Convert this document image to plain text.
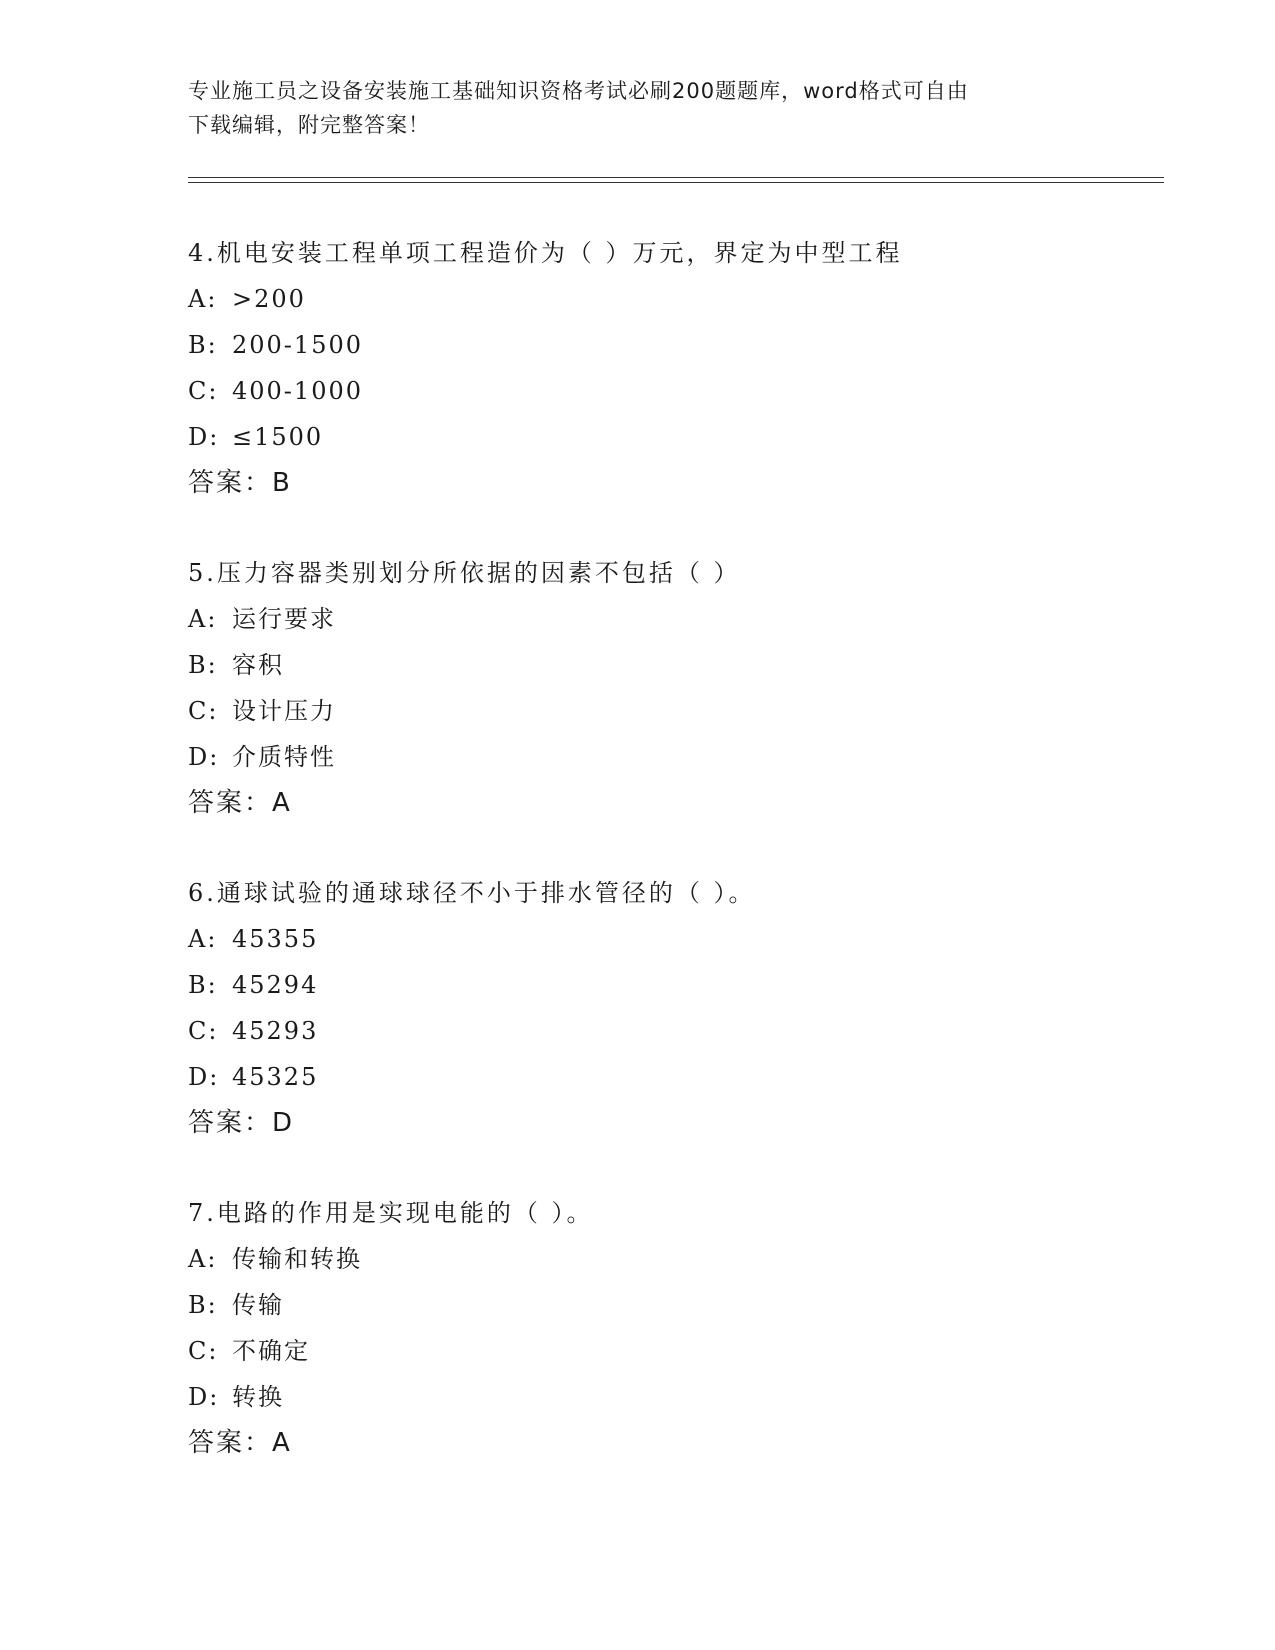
专业施工员之设备安装施工基础知识资格考试必刷200题题库，word格式可自由
下载编辑，附完整答案！
4.机电安装工程单项工程造价为（ ）万元，界定为中型工程
A: >200
B: 200-1500
C: 400-1000
D: ≤1500
答案：B
5.压力容器类别划分所依据的因素不包括（ ）
A: 运行要求
B: 容积
C: 设计压力
D: 介质特性
答案：A
6.通球试验的通球球径不小于排水管径的（ ）。
A: 45355
B: 45294
C: 45293
D: 45325
答案：D
7.电路的作用是实现电能的（ ）。
A: 传输和转换
B: 传输
C: 不确定
D: 转换
答案：A
